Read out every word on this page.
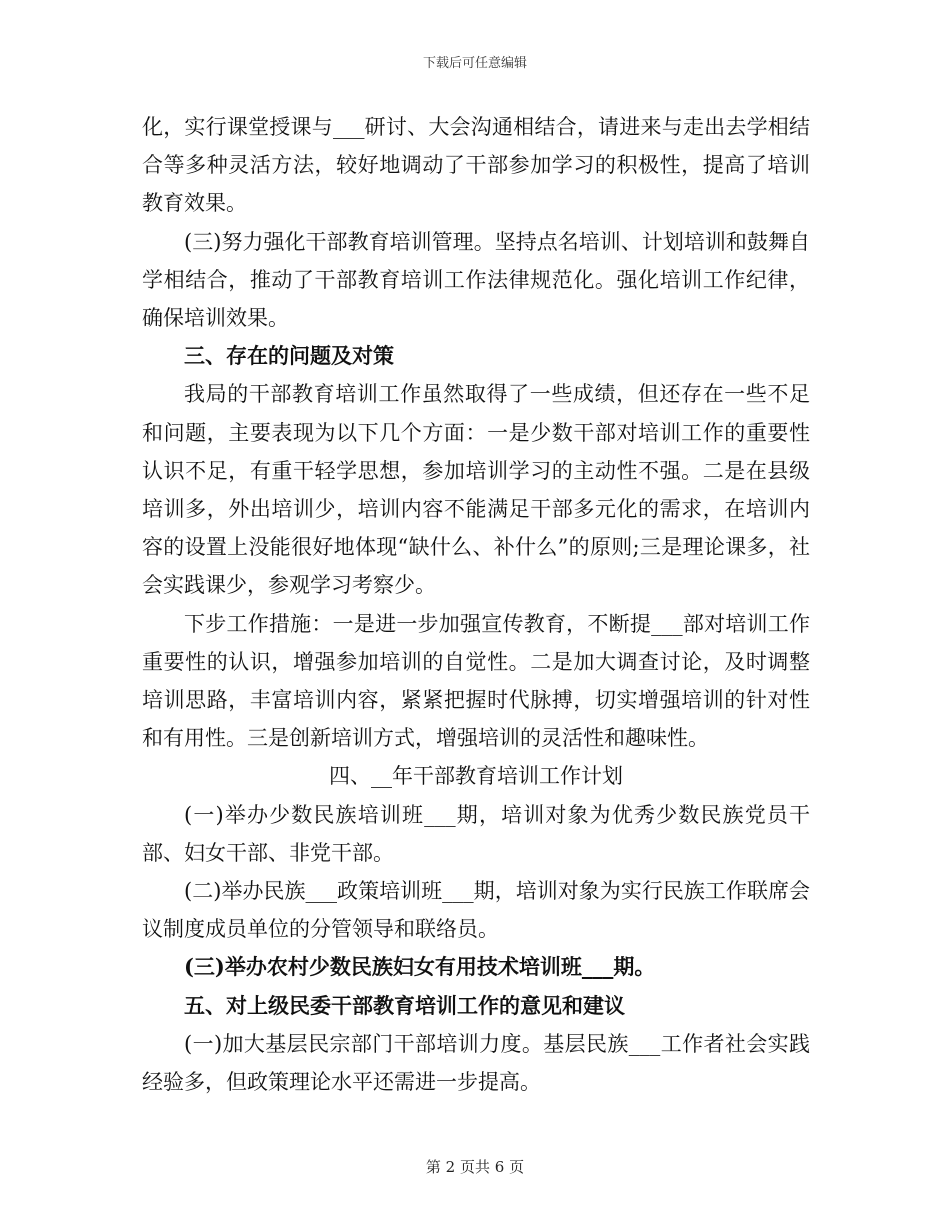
下载后可任意编辑

化，实行课堂授课与___研讨、大会沟通相结合，请进来与走出去学相结合等多种灵活方法，较好地调动了干部参加学习的积极性，提高了培训教育效果。

(三)努力强化干部教育培训管理。坚持点名培训、计划培训和鼓舞自学相结合，推动了干部教育培训工作法律规范化。强化培训工作纪律，确保培训效果。

三、存在的问题及对策

我局的干部教育培训工作虽然取得了一些成绩，但还存在一些不足和问题，主要表现为以下几个方面：一是少数干部对培训工作的重要性认识不足，有重干轻学思想，参加培训学习的主动性不强。二是在县级培训多，外出培训少，培训内容不能满足干部多元化的需求，在培训内容的设置上没能很好地体现“缺什么、补什么”的原则;三是理论课多，社会实践课少，参观学习考察少。

下步工作措施：一是进一步加强宣传教育，不断提___部对培训工作重要性的认识，增强参加培训的自觉性。二是加大调查讨论，及时调整培训思路，丰富培训内容，紧紧把握时代脉搏，切实增强培训的针对性和有用性。三是创新培训方式，增强培训的灵活性和趣味性。

四、__年干部教育培训工作计划

(一)举办少数民族培训班___期，培训对象为优秀少数民族党员干部、妇女干部、非党干部。

(二)举办民族___政策培训班___期，培训对象为实行民族工作联席会议制度成员单位的分管领导和联络员。

(三)举办农村少数民族妇女有用技术培训班___期。

五、对上级民委干部教育培训工作的意见和建议

(一)加大基层民宗部门干部培训力度。基层民族___工作者社会实践经验多，但政策理论水平还需进一步提高。

第 2 页共 6 页
